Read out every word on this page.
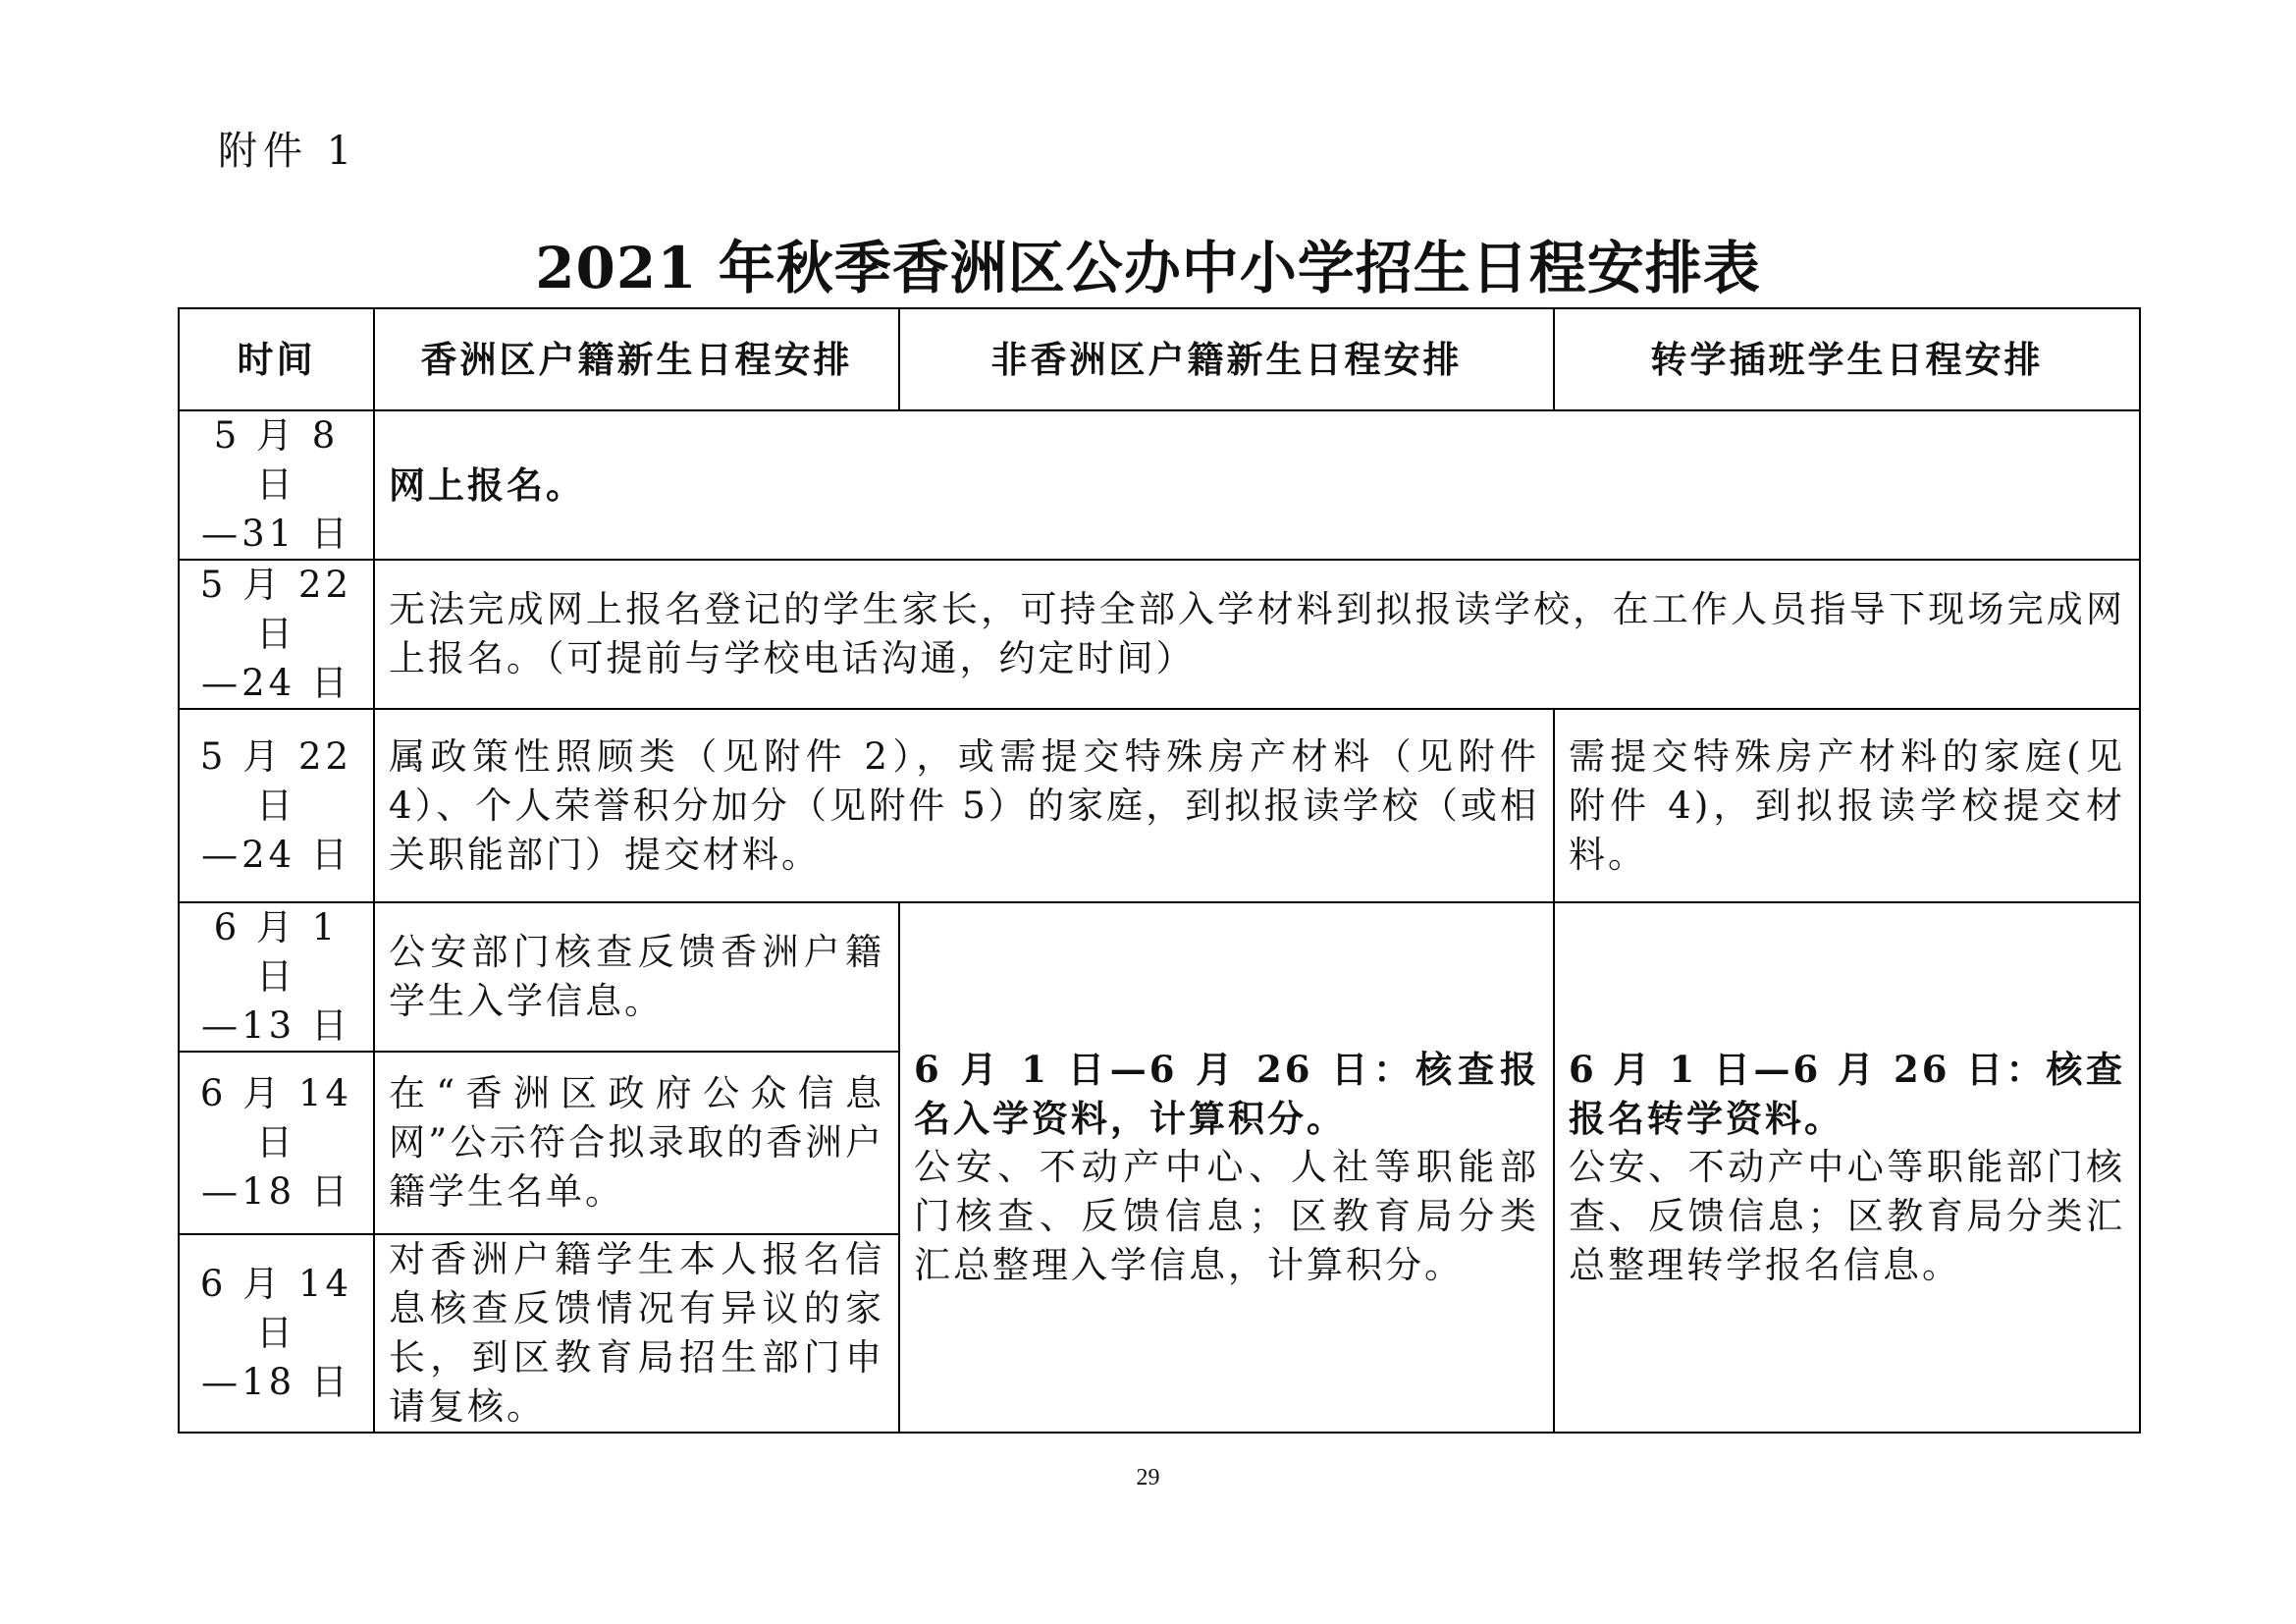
附件 1
2021 年秋季香洲区公办中小学招生日程安排表
时间	香洲区户籍新生日程安排	非香洲区户籍新生日程安排	转学插班学生日程安排

5 月 8 日
—31 日	网上报名。		

5 月 22 日
—24 日	无法完成网上报名登记的学生家长，可持全部入学材料到拟报读学校，在工作人员指导下现场完成网上报名。（可提前与学校电话沟通，约定时间）		

5 月 22 日
—24 日	属政策性照顾类（见附件 2），或需提交特殊房产材料（见附件 4）、个人荣誉积分加分（见附件 5）的家庭，到拟报读学校（或相关职能部门）提交材料。		需提交特殊房产材料的家庭(见附件 4)，到拟报读学校提交材料。

6 月 1 日
—13 日	公安部门核查反馈香洲户籍学生入学信息。	6 月 1 日—6 月 26 日：核查报名入学资料，计算积分。
公安、不动产中心、人社等职能部门核查、反馈信息；区教育局分类汇总整理入学信息，计算积分。	6 月 1 日—6 月 26 日：核查报名转学资料。
公安、不动产中心等职能部门核查、反馈信息；区教育局分类汇总整理转学报名信息。

6 月 14 日
—18 日	在“香洲区政府公众信息网”公示符合拟录取的香洲户籍学生名单。		

6 月 14 日
—18 日	对香洲户籍学生本人报名信息核查反馈情况有异议的家长，到区教育局招生部门申请复核。		
29
